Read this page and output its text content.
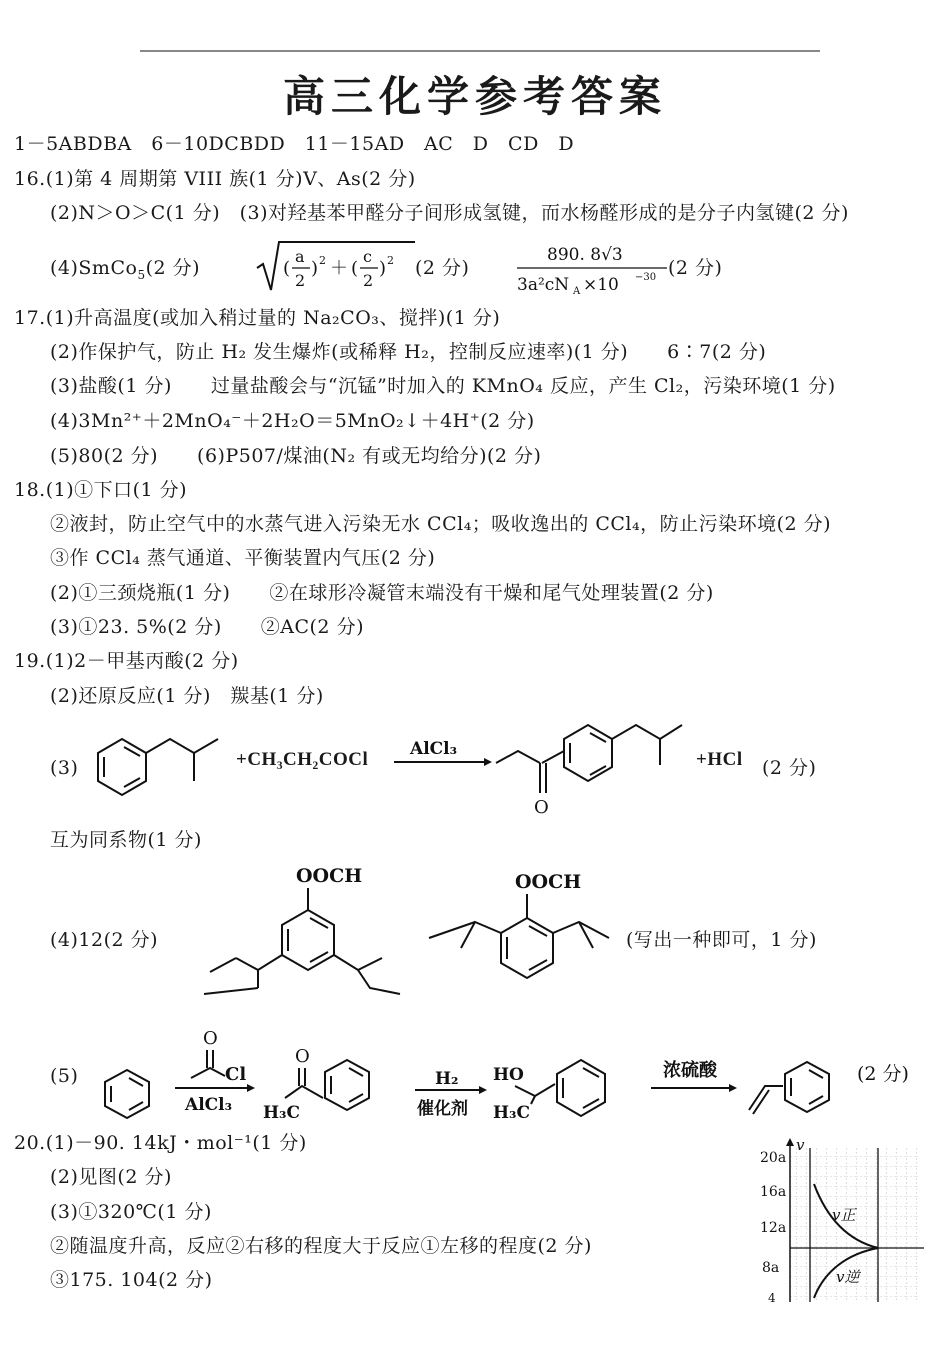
高三化学参考答案
1－5ABDBA　6－10DCBDD　11－15AD　AC　D　CD　D
16.(1)第 4 周期第 VIII 族(1 分)V、As(2 分)
(2)N＞O＞C(1 分)　(3)对羟基苯甲醛分子间形成氢键，而水杨醛形成的是分子内氢键(2 分)
(4)SmCo$_5$(2 分)	(
a
2
) 2 ＋ (
c
2
) 2 (2 分)
890. 8√3
3a²cN A ×10 −30 (2 分)
17.(1)升高温度(或加入稍过量的 Na₂CO₃、搅拌)(1 分)
(2)作保护气，防止 H₂ 发生爆炸(或稀释 H₂，控制反应速率)(1 分)　　6∶7(2 分)
(3)盐酸(1 分)　　过量盐酸会与“沉锰”时加入的 KMnO₄ 反应，产生 Cl₂，污染环境(1 分)
(4)3Mn²⁺＋2MnO₄⁻＋2H₂O＝5MnO₂↓＋4H⁺(2 分)
(5)80(2 分)　　(6)P507/煤油(N₂ 有或无均给分)(2 分)
18.(1)①下口(1 分)
②液封，防止空气中的水蒸气进入污染无水 CCl₄；吸收逸出的 CCl₄，防止污染环境(2 分)
③作 CCl₄ 蒸气通道、平衡装置内气压(2 分)
(2)①三颈烧瓶(1 分)　　②在球形冷凝管末端没有干燥和尾气处理装置(2 分)
(3)①23. 5%(2 分)　　②AC(2 分)
19.(1)2－甲基丙酸(2 分)
(2)还原反应(1 分)　羰基(1 分)
(3)	+CH₃CH₂COCl AlCl₃
O
+HCl (2 分)
互为同系物(1 分)
(4)12(2 分)
OOCH	OOCH
(写出一种即可，1 分)
(5)
O
Cl
AlCl₃
O
H₃C
H₂
催化剂
HO
H₃C
浓硫酸	(2 分)
20.(1)－90. 14kJ・mol⁻¹(1 分)
(2)见图(2 分)
(3)①320℃(1 分)
②随温度升高，反应②右移的程度大于反应①左移的程度(2 分)
③175. 104(2 分)
v
20a
16a
12a
8a
4
v正
v逆
